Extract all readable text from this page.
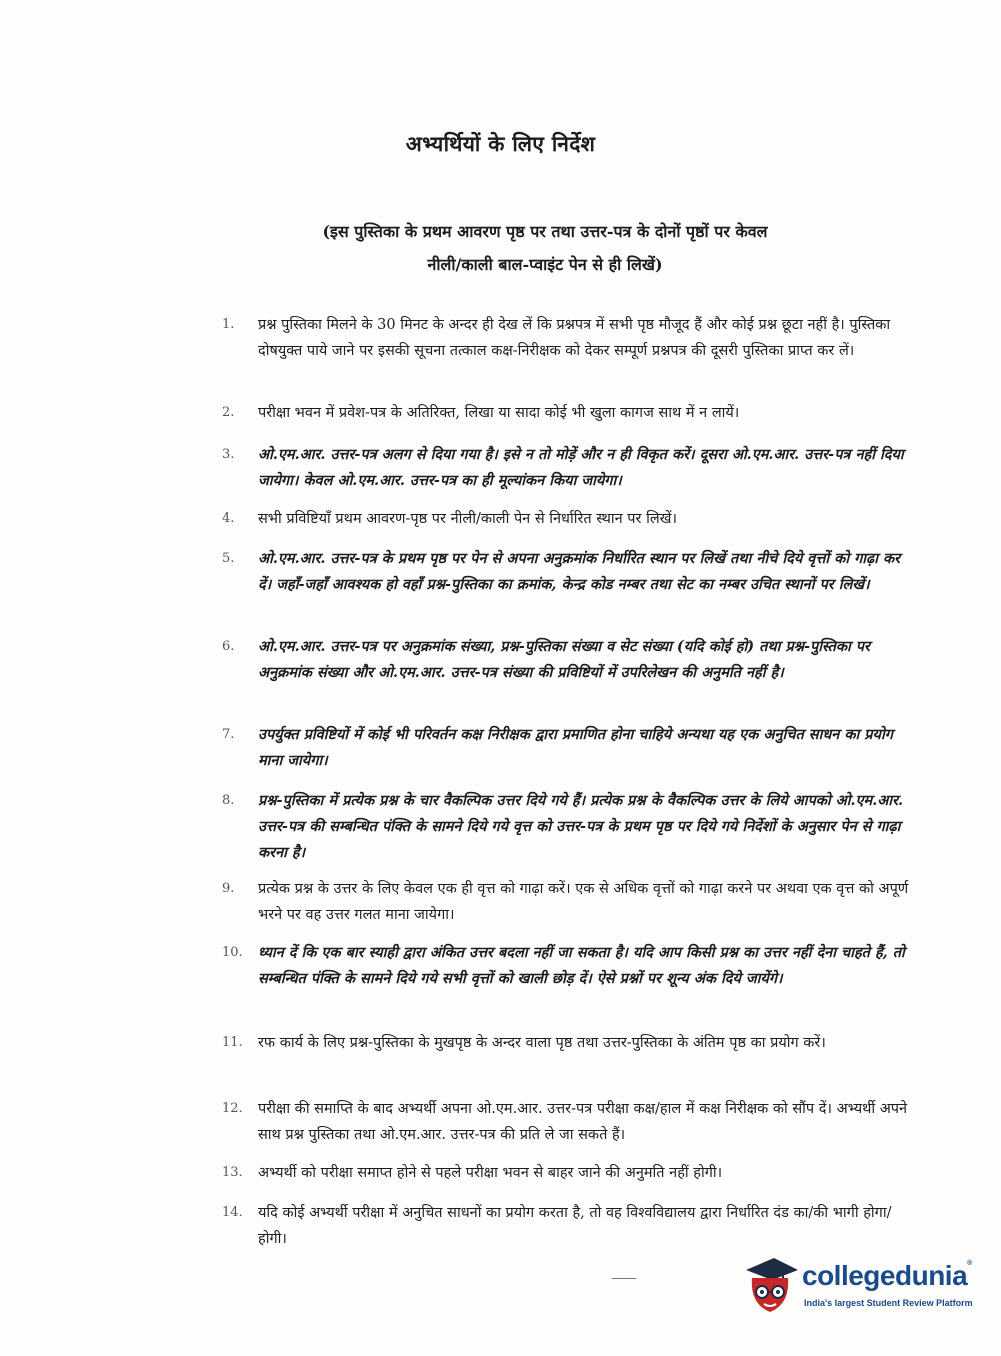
अभ्यर्थियों के लिए निर्देश
(इस पुस्तिका के प्रथम आवरण पृष्ठ पर तथा उत्तर-पत्र के दोनों पृष्ठों पर केवल
नीली/काली बाल-प्वाइंट पेन से ही लिखें)
1.	प्रश्न पुस्तिका मिलने के 30 मिनट के अन्दर ही देख लें कि प्रश्नपत्र में सभी पृष्ठ मौजूद हैं और कोई प्रश्न छूटा नहीं है। पुस्तिका दोषयुक्त पाये जाने पर इसकी सूचना तत्काल कक्ष-निरीक्षक को देकर सम्पूर्ण प्रश्नपत्र की दूसरी पुस्तिका प्राप्त कर लें।
2.	परीक्षा भवन में प्रवेश-पत्र के अतिरिक्त, लिखा या सादा कोई भी खुला कागज साथ में न लायें।
3.	ओ.एम.आर. उत्तर-पत्र अलग से दिया गया है। इसे न तो मोड़ें और न ही विकृत करें। दूसरा ओ.एम.आर. उत्तर-पत्र नहीं दिया जायेगा। केवल ओ.एम.आर. उत्तर-पत्र का ही मूल्यांकन किया जायेगा।
4.	सभी प्रविष्टियाँ प्रथम आवरण-पृष्ठ पर नीली/काली पेन से निर्धारित स्थान पर लिखें।
5.	ओ.एम.आर. उत्तर-पत्र के प्रथम पृष्ठ पर पेन से अपना अनुक्रमांक निर्धारित स्थान पर लिखें तथा नीचे दिये वृत्तों को गाढ़ा कर दें। जहाँ-जहाँ आवश्यक हो वहाँ प्रश्न-पुस्तिका का क्रमांक, केन्द्र कोड नम्बर तथा सेट का नम्बर उचित स्थानों पर लिखें।
6.	ओ.एम.आर. उत्तर-पत्र पर अनुक्रमांक संख्या, प्रश्न-पुस्तिका संख्या व सेट संख्या (यदि कोई हो) तथा प्रश्न-पुस्तिका पर अनुक्रमांक संख्या और ओ.एम.आर. उत्तर-पत्र संख्या की प्रविष्टियों में उपरिलेखन की अनुमति नहीं है।
7.	उपर्युक्त प्रविष्टियों में कोई भी परिवर्तन कक्ष निरीक्षक द्वारा प्रमाणित होना चाहिये अन्यथा यह एक अनुचित साधन का प्रयोग माना जायेगा।
8.	प्रश्न-पुस्तिका में प्रत्येक प्रश्न के चार वैकल्पिक उत्तर दिये गये हैं। प्रत्येक प्रश्न के वैकल्पिक उत्तर के लिये आपको ओ.एम.आर. उत्तर-पत्र की सम्बन्धित पंक्ति के सामने दिये गये वृत्त को उत्तर-पत्र के प्रथम पृष्ठ पर दिये गये निर्देशों के अनुसार पेन से गाढ़ा करना है।
9.	प्रत्येक प्रश्न के उत्तर के लिए केवल एक ही वृत्त को गाढ़ा करें। एक से अधिक वृत्तों को गाढ़ा करने पर अथवा एक वृत्त को अपूर्ण भरने पर वह उत्तर गलत माना जायेगा।
10.	ध्यान दें कि एक बार स्याही द्वारा अंकित उत्तर बदला नहीं जा सकता है। यदि आप किसी प्रश्न का उत्तर नहीं देना चाहते हैं, तो सम्बन्धित पंक्ति के सामने दिये गये सभी वृत्तों को खाली छोड़ दें। ऐसे प्रश्नों पर शून्य अंक दिये जायेंगे।
11.	रफ कार्य के लिए प्रश्न-पुस्तिका के मुखपृष्ठ के अन्दर वाला पृष्ठ तथा उत्तर-पुस्तिका के अंतिम पृष्ठ का प्रयोग करें।
12.	परीक्षा की समाप्ति के बाद अभ्यर्थी अपना ओ.एम.आर. उत्तर-पत्र परीक्षा कक्ष/हाल में कक्ष निरीक्षक को सौंप दें। अभ्यर्थी अपने साथ प्रश्न पुस्तिका तथा ओ.एम.आर. उत्तर-पत्र की प्रति ले जा सकते हैं।
13.	अभ्यर्थी को परीक्षा समाप्त होने से पहले परीक्षा भवन से बाहर जाने की अनुमति नहीं होगी।
14.	यदि कोई अभ्यर्थी परीक्षा में अनुचित साधनों का प्रयोग करता है, तो वह विश्वविद्यालय द्वारा निर्धारित दंड का/की भागी होगा/होगी।
collegedunia®
India's largest Student Review Platform
